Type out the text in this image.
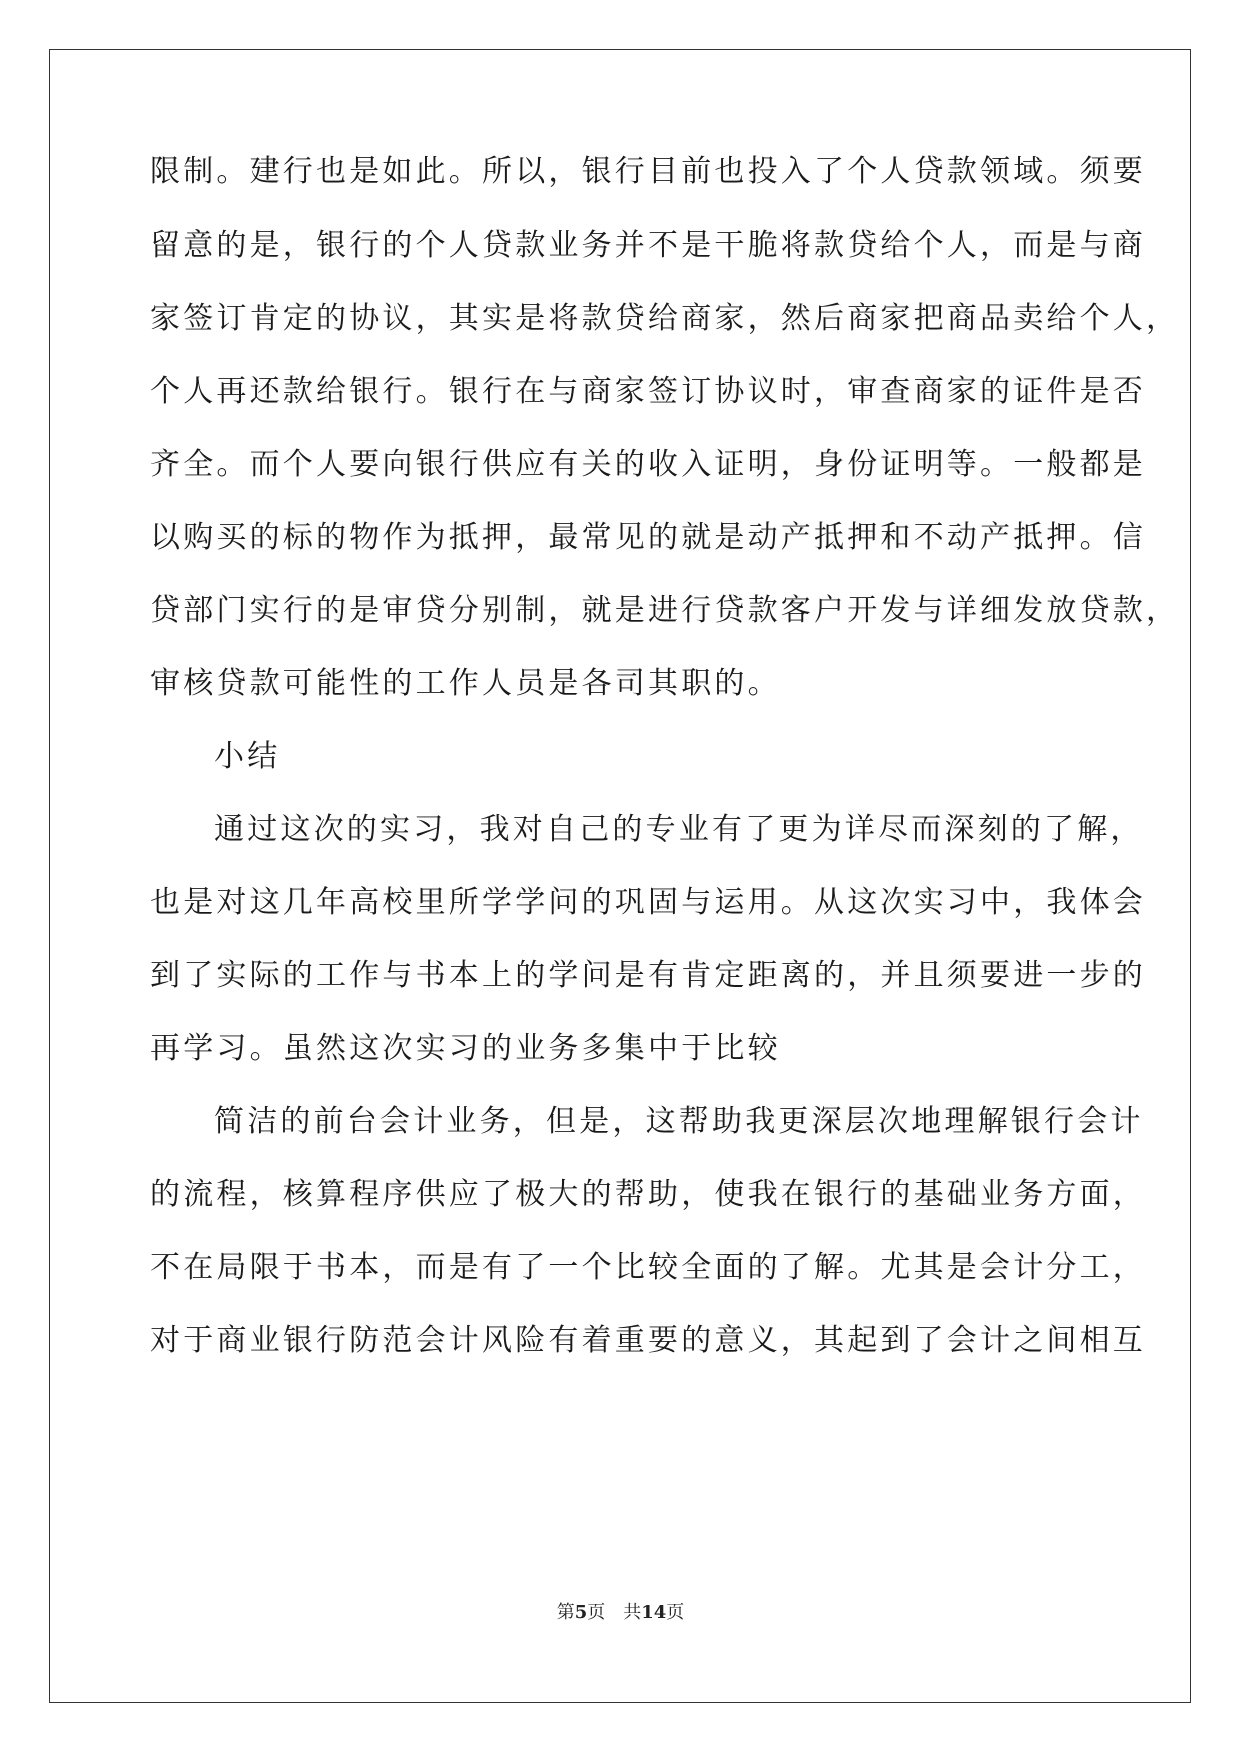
限制。建行也是如此。所以，银行目前也投入了个人贷款领域。须要
留意的是，银行的个人贷款业务并不是干脆将款贷给个人，而是与商
家签订肯定的协议，其实是将款贷给商家，然后商家把商品卖给个人，
个人再还款给银行。银行在与商家签订协议时，审查商家的证件是否
齐全。而个人要向银行供应有关的收入证明，身份证明等。一般都是
以购买的标的物作为抵押，最常见的就是动产抵押和不动产抵押。信
贷部门实行的是审贷分别制，就是进行贷款客户开发与详细发放贷款，
审核贷款可能性的工作人员是各司其职的。
小结
通过这次的实习，我对自己的专业有了更为详尽而深刻的了解，
也是对这几年高校里所学学问的巩固与运用。从这次实习中，我体会
到了实际的工作与书本上的学问是有肯定距离的，并且须要进一步的
再学习。虽然这次实习的业务多集中于比较
简洁的前台会计业务，但是，这帮助我更深层次地理解银行会计
的流程，核算程序供应了极大的帮助，使我在银行的基础业务方面，
不在局限于书本，而是有了一个比较全面的了解。尤其是会计分工，
对于商业银行防范会计风险有着重要的意义，其起到了会计之间相互
第5页 共14页
